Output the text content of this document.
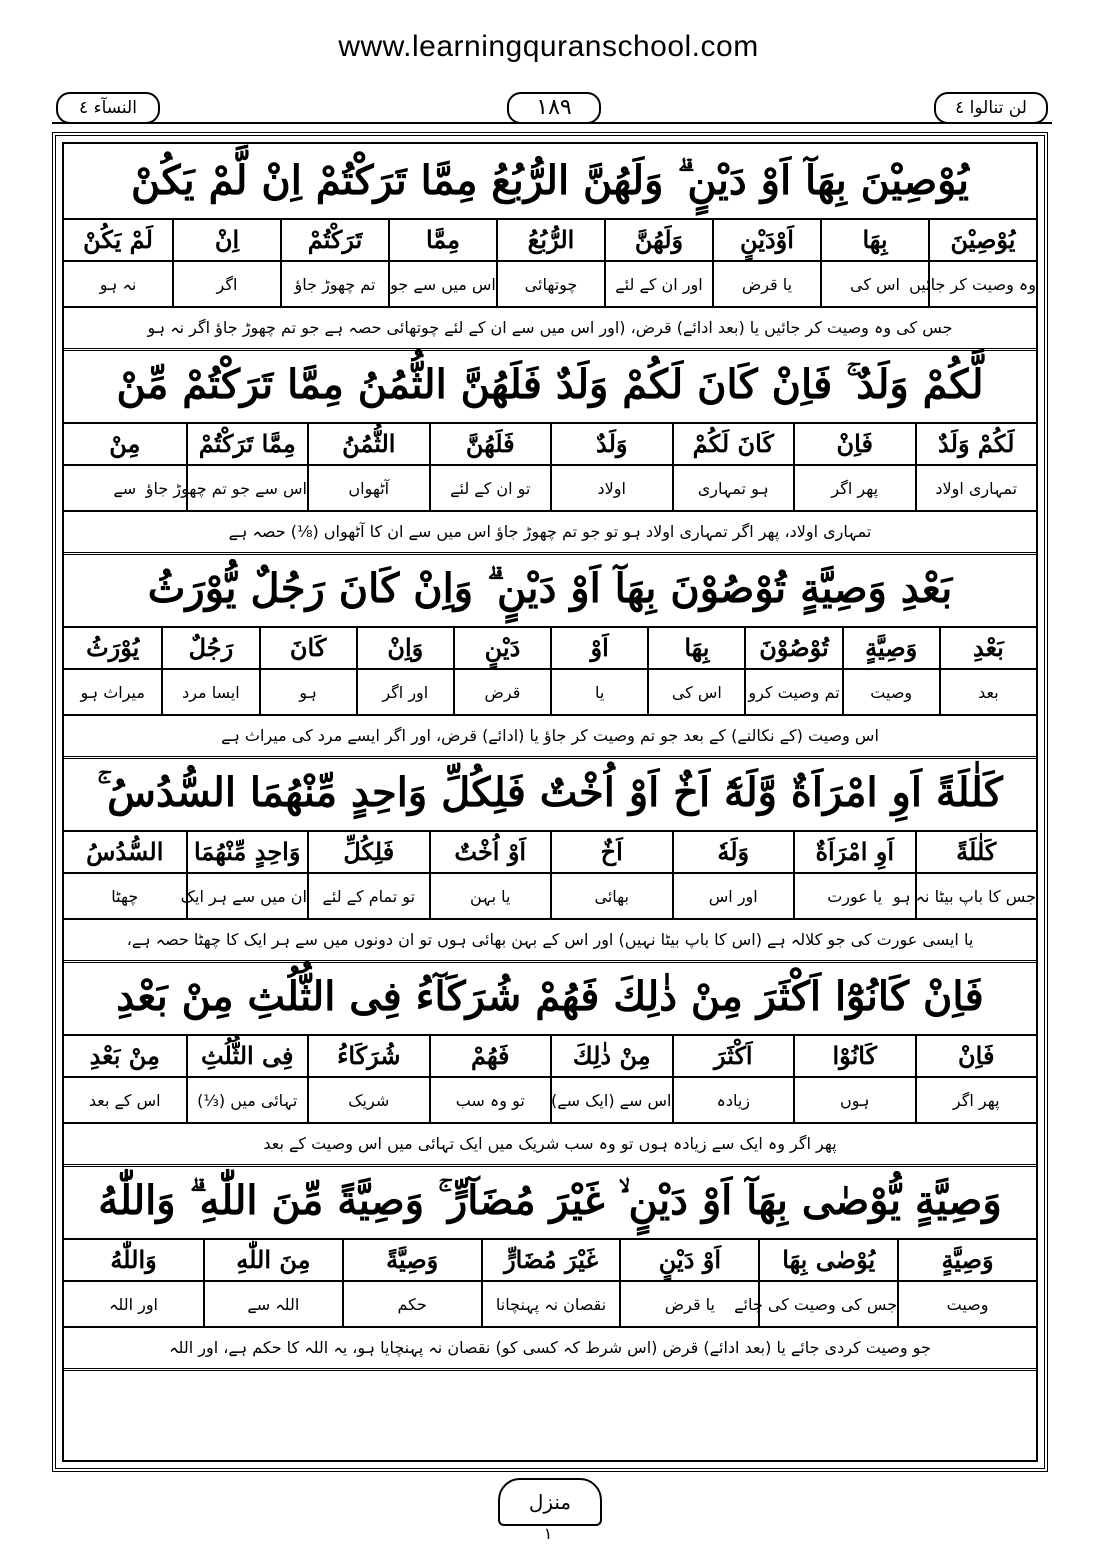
www.learningquranschool.com
النسآء ٤	۱۸۹	لن تنالوا ٤
يُوْصِيْنَ بِهَآ اَوْ دَيْنٍ ۗ وَلَهُنَّ الرُّبُعُ مِمَّا تَرَكْتُمْ اِنْ لَّمْ يَكُنْ
يُوْصِيْنَ
بِهَا
اَوْدَيْنٍ
وَلَهُنَّ
الرُّبُعُ
مِمَّا
تَرَكْتُمْ
اِنْ
لَمْ يَكُنْ
وہ وصیت کر جائیں
اس کی
یا قرض
اور ان کے لئے
چوتھائی
اس میں سے جو
تم چھوڑ جاؤ
اگر
نہ ہو
جس کی وہ وصیت کر جائیں یا (بعد ادائے) قرض، (اور اس میں سے ان کے لئے چوتھائی حصہ ہے جو تم چھوڑ جاؤ اگر نہ ہو
لَّكُمْ وَلَدٌ ۚ فَاِنْ كَانَ لَكُمْ وَلَدٌ فَلَهُنَّ الثُّمُنُ مِمَّا تَرَكْتُمْ مِّنْ
لَكُمْ وَلَدٌ
فَاِنْ
كَانَ لَكُمْ
وَلَدٌ
فَلَهُنَّ
الثُّمُنُ
مِمَّا تَرَكْتُمْ
مِنْ
تمہاری اولاد
پھر اگر
ہو تمہاری
اولاد
تو ان کے لئے
آٹھواں
اس سے جو تم چھوڑ جاؤ
سے
تمہاری اولاد، پھر اگر تمہاری اولاد ہو تو جو تم چھوڑ جاؤ اس میں سے ان کا آٹھواں (⅛) حصہ ہے
بَعْدِ وَصِيَّةٍ تُوْصُوْنَ بِهَآ اَوْ دَيْنٍ ۗ وَاِنْ كَانَ رَجُلٌ يُّوْرَثُ
بَعْدِ
وَصِيَّةٍ
تُوْصُوْنَ
بِهَا
اَوْ
دَيْنٍ
وَاِنْ
كَانَ
رَجُلٌ
يُوْرَثُ
بعد
وصیت
تم وصیت کرو
اس کی
یا
قرض
اور اگر
ہو
ایسا مرد
میراث ہو
اس وصیت (کے نکالنے) کے بعد جو تم وصیت کر جاؤ یا (ادائے) قرض، اور اگر ایسے مرد کی میراث ہے
كَلٰلَةً اَوِ امْرَاَةٌ وَّلَهٗٓ اَخٌ اَوْ اُخْتٌ فَلِكُلِّ وَاحِدٍ مِّنْهُمَا السُّدُسُ ۚ
كَلٰلَةً
اَوِ امْرَاَةٌ
وَلَهٗ
اَخٌ
اَوْ اُخْتٌ
فَلِكُلِّ
وَاحِدٍ مِّنْهُمَا
السُّدُسُ
جس کا باپ بیٹا نہ ہو
یا عورت
اور اس
بھائی
یا بہن
تو تمام کے لئے
ان میں سے ہر ایک
چھٹا
یا ایسی عورت کی جو کلالہ ہے (اس کا باپ بیٹا نہیں) اور اس کے بہن بھائی ہوں تو ان دونوں میں سے ہر ایک کا چھٹا حصہ ہے،
فَاِنْ كَانُوْٓا اَكْثَرَ مِنْ ذٰلِكَ فَهُمْ شُرَكَآءُ فِى الثُّلُثِ مِنْ بَعْدِ
فَاِنْ
كَانُوْا
اَكْثَرَ
مِنْ ذٰلِكَ
فَهُمْ
شُرَكَاءُ
فِى الثُّلُثِ
مِنْ بَعْدِ
پھر اگر
ہوں
زیادہ
اس سے (ایک سے)
تو وہ سب
شریک
تہائی میں (⅓)
اس کے بعد
پھر اگر وہ ایک سے زیادہ ہوں تو وہ سب شریک میں ایک تہائی میں اس وصیت کے بعد
وَصِيَّةٍ يُّوْصٰى بِهَآ اَوْ دَيْنٍ ۙ غَيْرَ مُضَآرٍّ ۚ وَصِيَّةً مِّنَ اللّٰهِ ۗ وَاللّٰهُ
وَصِيَّةٍ
يُوْصٰى بِهَا
اَوْ دَيْنٍ
غَيْرَ مُضَارٍّ
وَصِيَّةً
مِنَ اللّٰهِ
وَاللّٰهُ
وصیت
جس کی وصیت کی جائے
یا قرض
نقصان نہ پہنچانا
حکم
اللہ سے
اور اللہ
جو وصیت کردی جائے یا (بعد ادائے) قرض (اس شرط کہ کسی کو) نقصان نہ پہنچایا ہو، یہ اللہ کا حکم ہے، اور اللہ
منزل
۱
